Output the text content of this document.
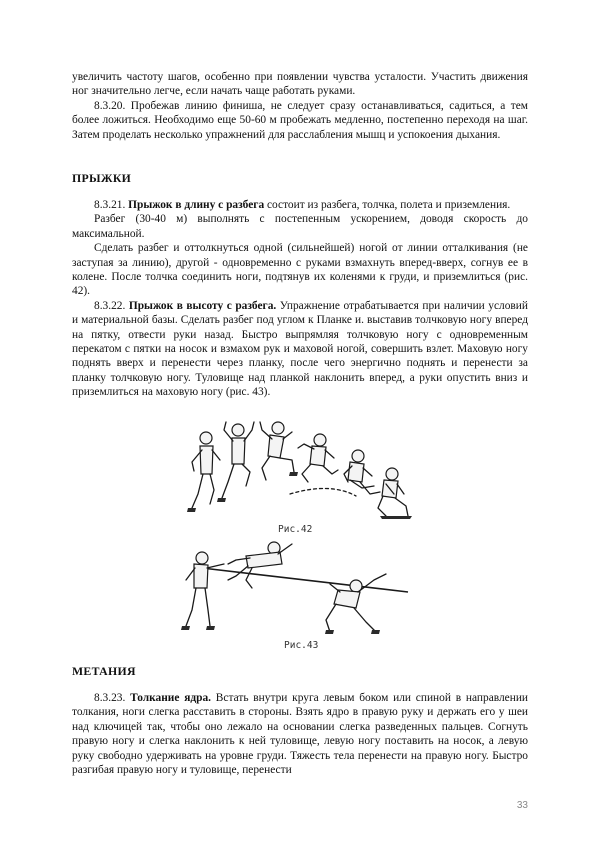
увеличить частоту шагов, особенно при появлении чувства усталости. Участить движения ног значительно легче, если начать чаще работать руками.

8.3.20. Пробежав линию финиша, не следует сразу останавливаться, садиться, а тем более ложиться. Необходимо еще 50-60 м пробежать медленно, постепенно переходя на шаг. Затем проделать несколько упражнений для расслабления мышц и успокоения дыхания.

ПРЫЖКИ

8.3.21. Прыжок в длину с разбега состоит из разбега, толчка, полета и приземления.

Разбег (30-40 м) выполнять с постепенным ускорением, доводя скорость до максимальной.

Сделать разбег и оттолкнуться одной (сильнейшей) ногой от линии отталкивания (не заступая за линию), другой - одновременно с руками взмахнуть вперед-вверх, согнув ее в колене. После толчка соединить ноги, подтянув их коленями к груди, и приземлиться (рис. 42).

8.3.22. Прыжок в высоту с разбега. Упражнение отрабатывается при наличии условий и материальной базы. Сделать разбег под углом к Планке и. выставив толчковую ногу вперед на пятку, отвести руки назад. Быстро выпрямляя толчковую ногу с одновременным перекатом с пятки на носок и взмахом рук и маховой ногой, совершить взлет. Маховую ногу поднять вверх и перенести через планку, после чего энергично поднять и перенести за планку толчковую ногу. Туловище над планкой наклонить вперед, а руки опустить вниз и приземлиться на маховую ногу (рис. 43).

Рис.42
Рис.43
МЕТАНИЯ

8.3.23. Толкание ядра. Встать внутри круга левым боком или спиной в направлении толкания, ноги слегка расставить в стороны. Взять ядро в правую руку и держать его у шеи над ключицей так, чтобы оно лежало на основании слегка разведенных пальцев. Согнуть правую ногу и слегка наклонить к ней туловище, левую ногу поставить на носок, а левую руку свободно удерживать на уровне груди. Тяжесть тела перенести на правую ногу. Быстро разгибая правую ногу и туловище, перенести

33
